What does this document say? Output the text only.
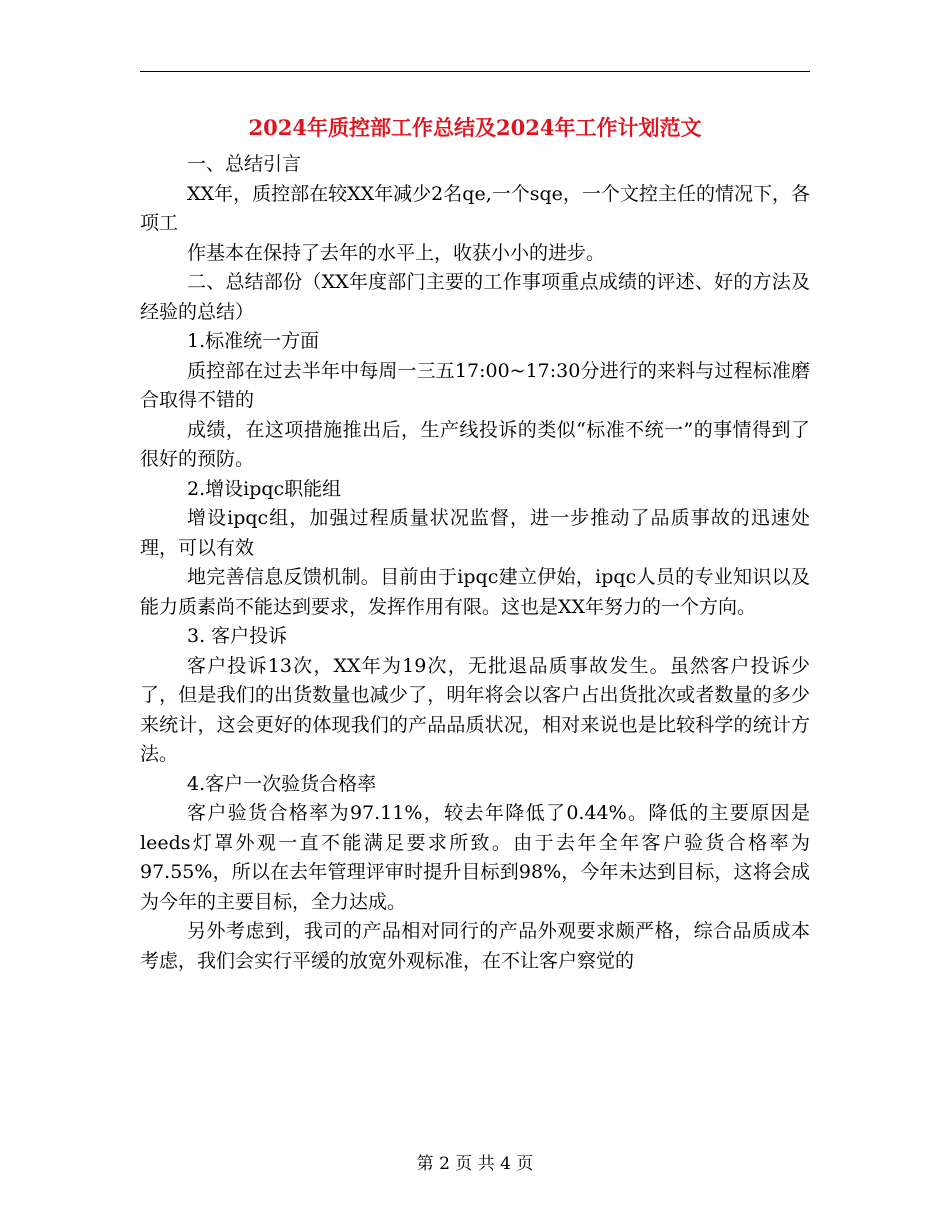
2024年质控部工作总结及2024年工作计划范文

一、总结引言

XX年，质控部在较XX年减少2名qe,一个sqe，一个文控主任的情况下，各项工

作基本在保持了去年的水平上，收获小小的进步。

二、总结部份（XX年度部门主要的工作事项重点成绩的评述、好的方法及经验的总结）

1.标准统一方面

质控部在过去半年中每周一三五17:00~17:30分进行的来料与过程标准磨合取得不错的

成绩，在这项措施推出后，生产线投诉的类似“标准不统一”的事情得到了很好的预防。

2.增设ipqc职能组

增设ipqc组，加强过程质量状况监督，进一步推动了品质事故的迅速处理，可以有效

地完善信息反馈机制。目前由于ipqc建立伊始，ipqc人员的专业知识以及能力质素尚不能达到要求，发挥作用有限。这也是XX年努力的一个方向。

3. 客户投诉

客户投诉13次，XX年为19次，无批退品质事故发生。虽然客户投诉少了，但是我们的出货数量也减少了，明年将会以客户占出货批次或者数量的多少来统计，这会更好的体现我们的产品品质状况，相对来说也是比较科学的统计方法。

4.客户一次验货合格率

客户验货合格率为97.11%，较去年降低了0.44%。降低的主要原因是leeds灯罩外观一直不能满足要求所致。由于去年全年客户验货合格率为97.55%，所以在去年管理评审时提升目标到98%，今年未达到目标，这将会成为今年的主要目标，全力达成。

另外考虑到，我司的产品相对同行的产品外观要求颇严格，综合品质成本考虑，我们会实行平缓的放宽外观标准，在不让客户察觉的

第 2 页 共 4 页
